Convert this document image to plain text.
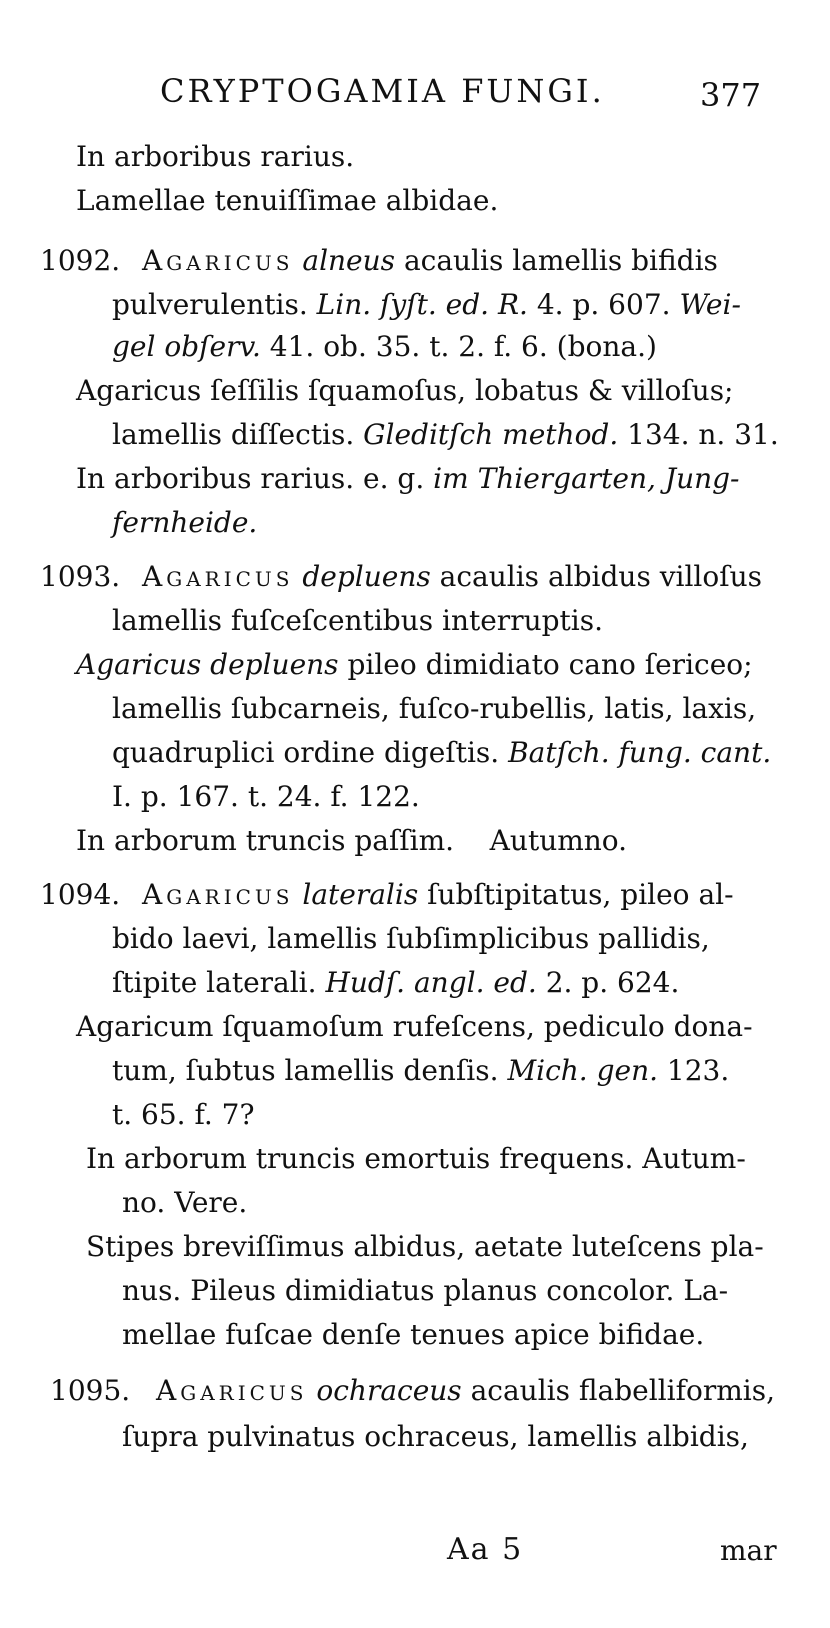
CRYPTOGAMIA FUNGI.	377
In arboribus rarius.
Lamellae tenuiſſimae albidae.
1092. Agaricus alneus acaulis lamellis bifidis
pulverulentis. Lin. ſyſt. ed. R. 4. p. 607. Wei-
gel obſerv. 41. ob. 35. t. 2. f. 6. (bona.)
Agaricus ſeſſilis ſquamoſus, lobatus & villoſus;
lamellis diſſectis. Gleditſch method. 134. n. 31.
In arboribus rarius. e. g. im Thiergarten, Jung-
fernheide.
1093. Agaricus depluens acaulis albidus villoſus
lamellis fuſceſcentibus interruptis.
Agaricus depluens pileo dimidiato cano ſericeo;
lamellis ſubcarneis, fuſco-rubellis, latis, laxis,
quadruplici ordine digeſtis. Batſch. fung. cant.
I. p. 167. t. 24. f. 122.
In arborum truncis paſſim.    Autumno.
1094. Agaricus lateralis ſubſtipitatus, pileo al-
bido laevi, lamellis ſubſimplicibus pallidis,
ſtipite laterali. Hudſ. angl. ed. 2. p. 624.
Agaricum ſquamoſum rufeſcens, pediculo dona-
tum, ſubtus lamellis denſis. Mich. gen. 123.
t. 65. f. 7?
In arborum truncis emortuis frequens. Autum-
no. Vere.
Stipes breviſſimus albidus, aetate luteſcens pla-
nus. Pileus dimidiatus planus concolor. La-
mellae fuſcae denſe tenues apice bifidae.
1095. Agaricus ochraceus acaulis flabelliformis,
ſupra pulvinatus ochraceus, lamellis albidis,
Aa 5	mar
